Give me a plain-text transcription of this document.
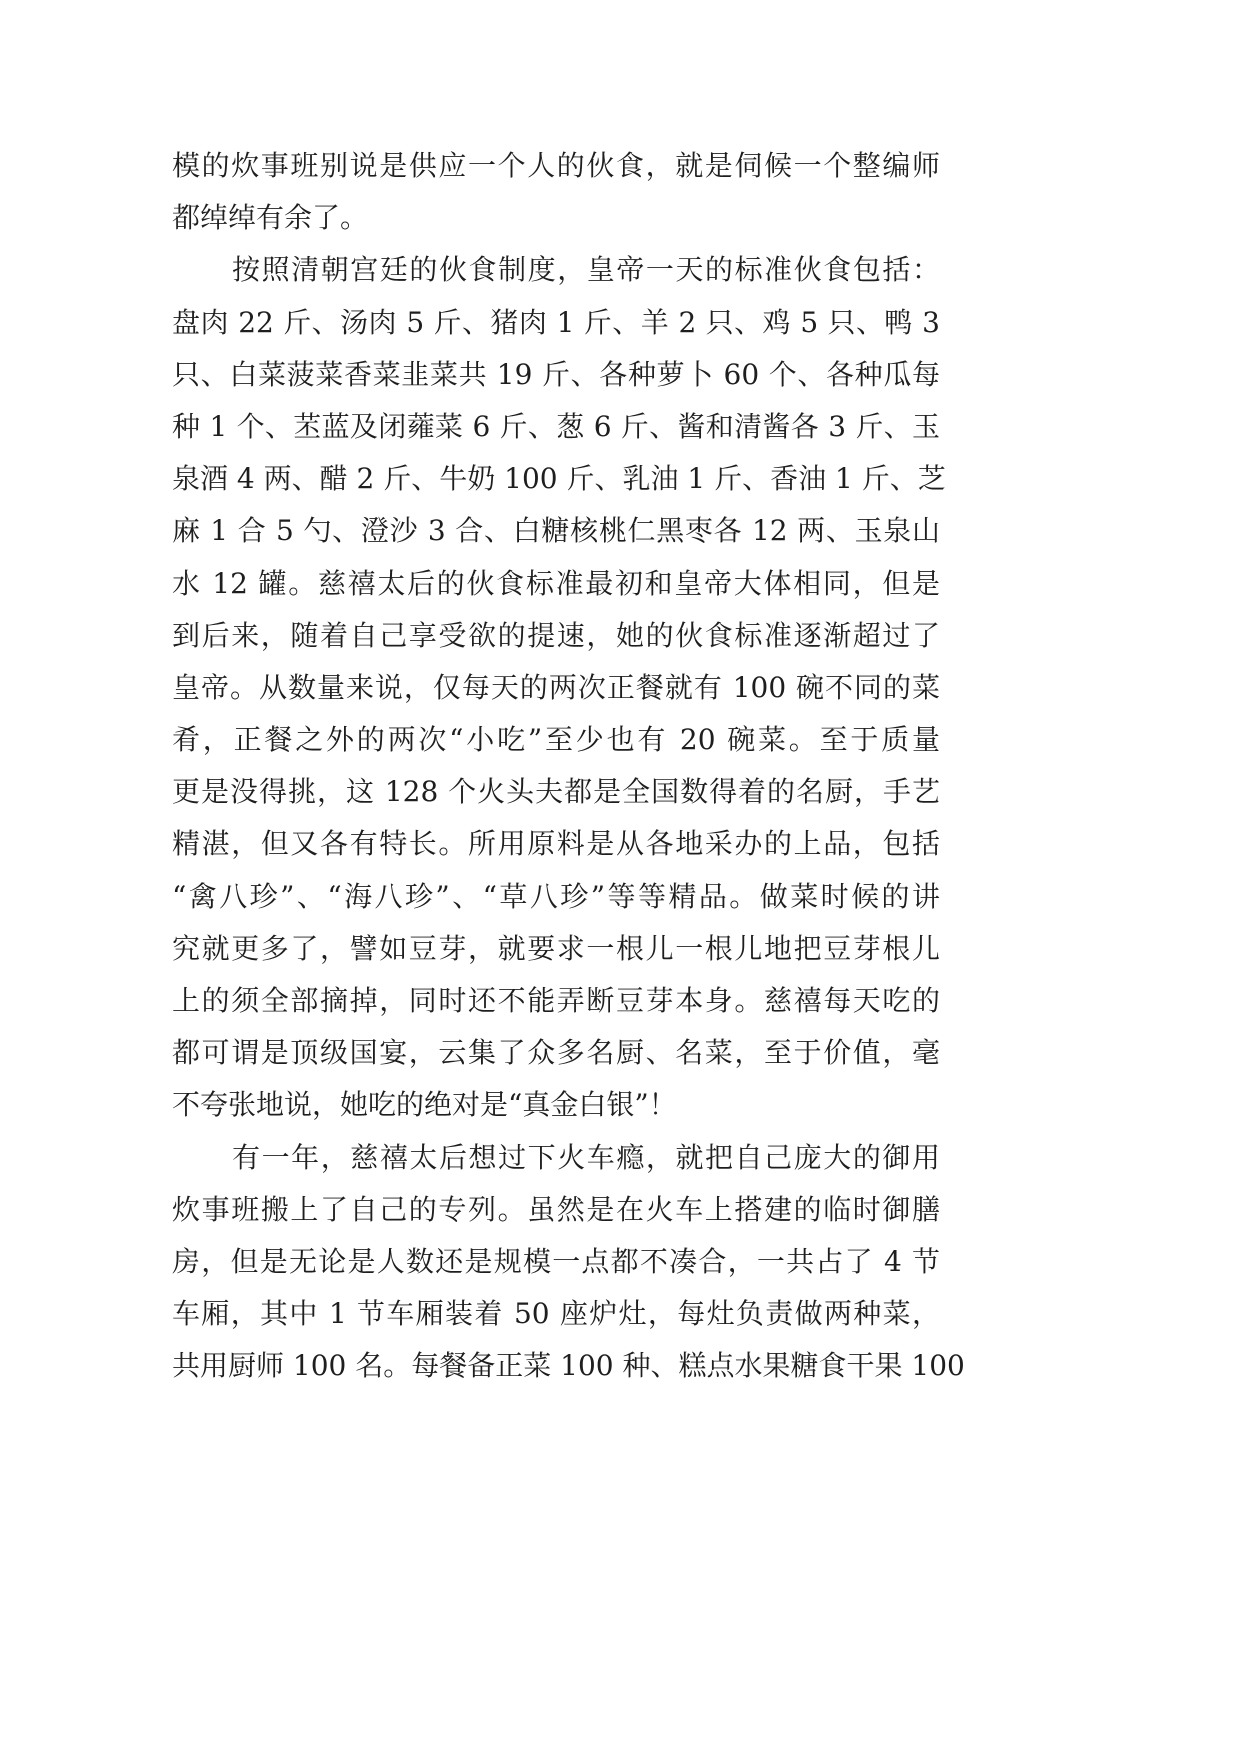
模的炊事班别说是供应一个人的伙食，就是伺候一个整编师
都绰绰有余了。
按照清朝宫廷的伙食制度，皇帝一天的标准伙食包括：
盘肉 22 斤、汤肉 5 斤、猪肉 1 斤、羊 2 只、鸡 5 只、鸭 3
只、白菜菠菜香菜韭菜共 19 斤、各种萝卜 60 个、各种瓜每
种 1 个、苤蓝及闭蕹菜 6 斤、葱 6 斤、酱和清酱各 3 斤、玉
泉酒 4 两、醋 2 斤、牛奶 100 斤、乳油 1 斤、香油 1 斤、芝
麻 1 合 5 勺、澄沙 3 合、白糖核桃仁黑枣各 12 两、玉泉山
水 12 罐。慈禧太后的伙食标准最初和皇帝大体相同，但是
到后来，随着自己享受欲的提速，她的伙食标准逐渐超过了
皇帝。从数量来说，仅每天的两次正餐就有 100 碗不同的菜
肴，正餐之外的两次“小吃”至少也有 20 碗菜。至于质量
更是没得挑，这 128 个火头夫都是全国数得着的名厨，手艺
精湛，但又各有特长。所用原料是从各地采办的上品，包括
“禽八珍”、“海八珍”、“草八珍”等等精品。做菜时候的讲
究就更多了，譬如豆芽，就要求一根儿一根儿地把豆芽根儿
上的须全部摘掉，同时还不能弄断豆芽本身。慈禧每天吃的
都可谓是顶级国宴，云集了众多名厨、名菜，至于价值，毫
不夸张地说，她吃的绝对是“真金白银”！
有一年，慈禧太后想过下火车瘾，就把自己庞大的御用
炊事班搬上了自己的专列。虽然是在火车上搭建的临时御膳
房，但是无论是人数还是规模一点都不凑合，一共占了 4 节
车厢，其中 1 节车厢装着 50 座炉灶，每灶负责做两种菜，
共用厨师 100 名。每餐备正菜 100 种、糕点水果糖食干果 100
